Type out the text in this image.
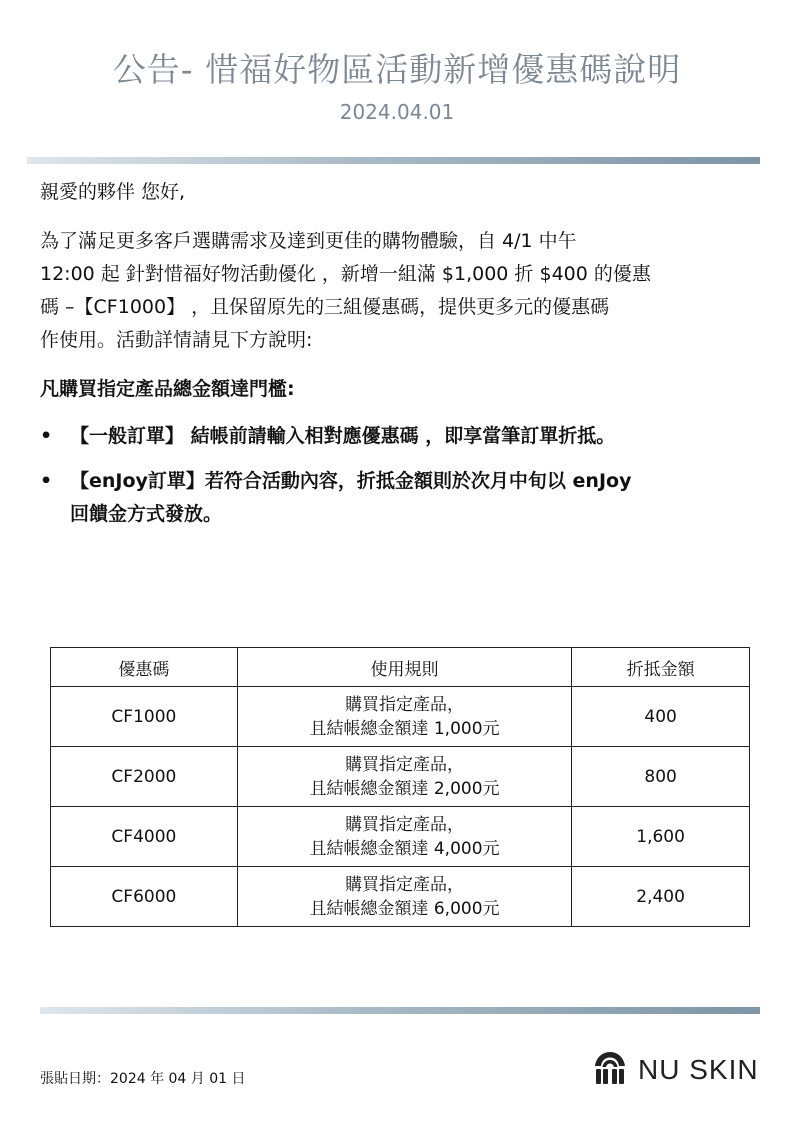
公告- 惜福好物區活動新增優惠碼說明
2024.04.01
親愛的夥伴 您好,
為了滿足更多客戶選購需求及達到更佳的購物體驗，自 4/1 中午
12:00 起 針對惜福好物活動優化 ，新增一組滿 $1,000 折 $400 的優惠
碼 –【CF1000】 ，且保留原先的三組優惠碼，提供更多元的優惠碼
作使用。活動詳情請見下方說明:
凡購買指定產品總金額達門檻:
• 【一般訂單】 結帳前請輸入相對應優惠碼 ，即享當筆訂單折抵。
• 【enJoy訂單】若符合活動內容，折抵金額則於次月中旬以 enJoy
回饋金方式發放。
優惠碼	使用規則	折抵金額
CF1000	購買指定產品，
且結帳總金額達 1,000元	400
CF2000	購買指定產品，
且結帳總金額達 2,000元	800
CF4000	購買指定產品，
且結帳總金額達 4,000元	1,600
CF6000	購買指定產品，
且結帳總金額達 6,000元	2,400
張貼日期：2024 年 04 月 01 日	NU SKIN
